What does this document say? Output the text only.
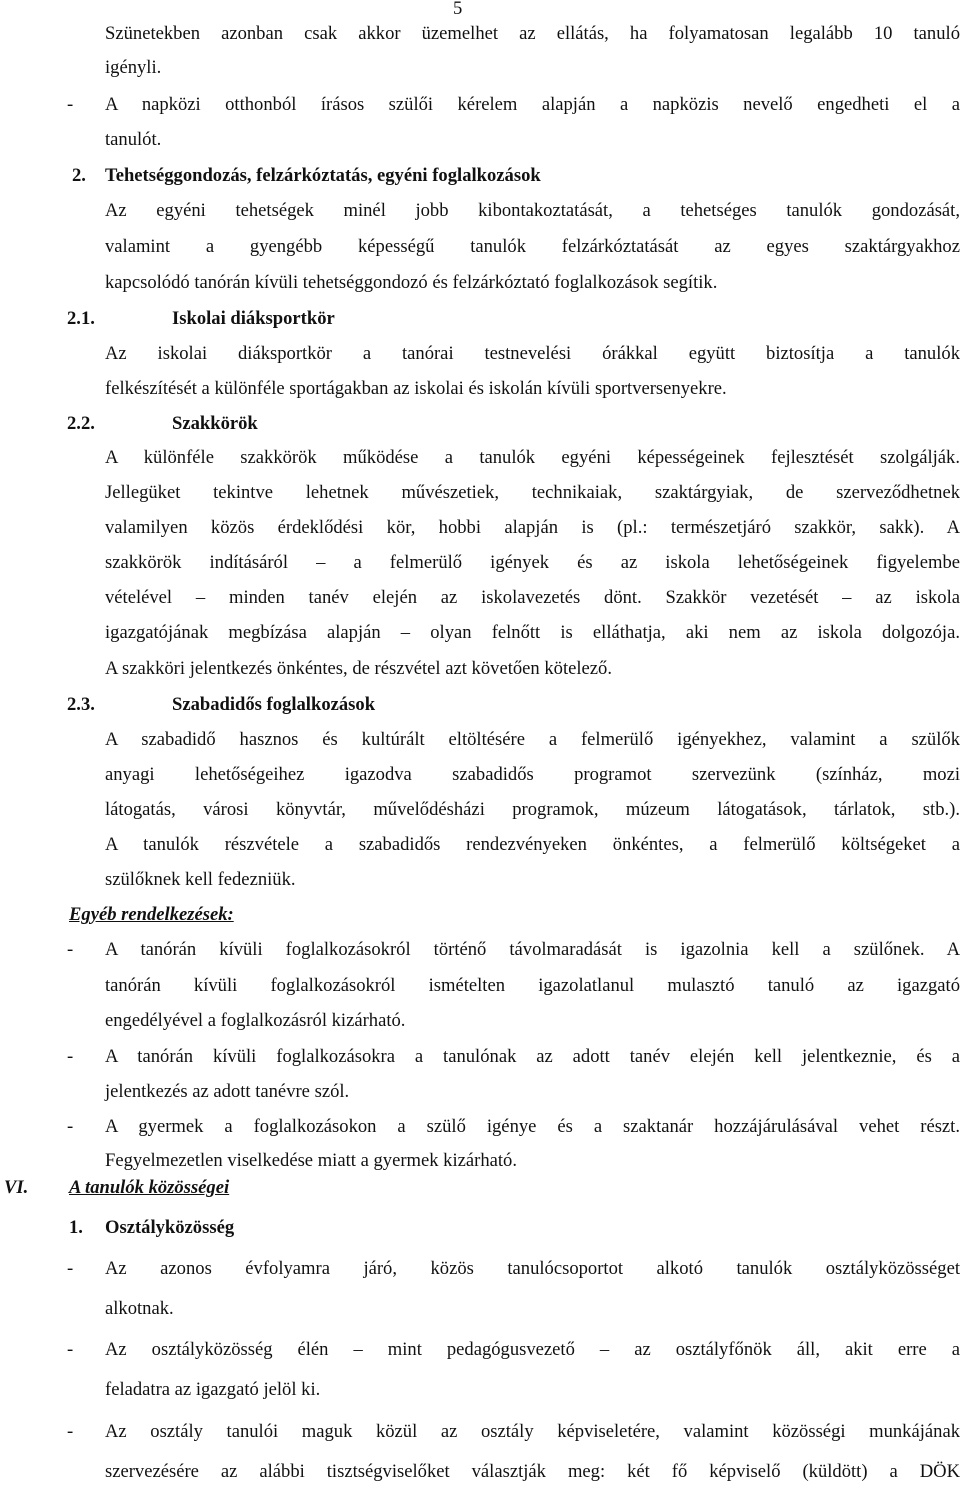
5
Szünetekben azonban csak akkor üzemelhet az ellátás, ha folyamatosan legalább 10 tanuló
igényli.
- A napközi otthonból írásos szülői kérelem alapján a napközis nevelő engedheti el a
tanulót.
2. Tehetséggondozás, felzárkóztatás, egyéni foglalkozások
Az egyéni tehetségek minél jobb kibontakoztatását, a tehetséges tanulók gondozását,
valamint a gyengébb képességű tanulók felzárkóztatását az egyes szaktárgyakhoz
kapcsolódó tanórán kívüli tehetséggondozó és felzárkóztató foglalkozások segítik.
2.1.	Iskolai diáksportkör
Az iskolai diáksportkör a tanórai testnevelési órákkal együtt biztosítja a tanulók
felkészítését a különféle sportágakban az iskolai és iskolán kívüli sportversenyekre.
2.2.	Szakkörök
A különféle szakkörök működése a tanulók egyéni képességeinek fejlesztését szolgálják.
Jellegüket tekintve lehetnek művészetiek, technikaiak, szaktárgyiak, de szerveződhetnek
valamilyen közös érdeklődési kör, hobbi alapján is (pl.: természetjáró szakkör, sakk). A
szakkörök indításáról – a felmerülő igények és az iskola lehetőségeinek figyelembe
vételével – minden tanév elején az iskolavezetés dönt. Szakkör vezetését – az iskola
igazgatójának megbízása alapján – olyan felnőtt is elláthatja, aki nem az iskola dolgozója.
A szakköri jelentkezés önkéntes, de részvétel azt követően kötelező.
2.3.	Szabadidős foglalkozások
A szabadidő hasznos és kultúrált eltöltésére a felmerülő igényekhez, valamint a szülők
anyagi lehetőségeihez igazodva szabadidős programot szervezünk (színház, mozi
látogatás, városi könyvtár, művelődésházi programok, múzeum látogatások, tárlatok, stb.).
A tanulók részvétele a szabadidős rendezvényeken önkéntes, a felmerülő költségeket a
szülőknek kell fedezniük.
Egyéb rendelkezések:
- A tanórán kívüli foglalkozásokról történő távolmaradását is igazolnia kell a szülőnek. A
tanórán kívüli foglalkozásokról ismételten igazolatlanul mulasztó tanuló az igazgató
engedélyével a foglalkozásról kizárható.
- A tanórán kívüli foglalkozásokra a tanulónak az adott tanév elején kell jelentkeznie, és a
jelentkezés az adott tanévre szól.
- A gyermek a foglalkozásokon a szülő igénye és a szaktanár hozzájárulásával vehet részt.
Fegyelmezetlen viselkedése miatt a gyermek kizárható.
VI. A tanulók közösségei
1. Osztályközösség
- Az azonos évfolyamra járó, közös tanulócsoportot alkotó tanulók osztályközösséget
alkotnak.
- Az osztályközösség élén – mint pedagógusvezető – az osztályfőnök áll, akit erre a
feladatra az igazgató jelöl ki.
- Az osztály tanulói maguk közül az osztály képviseletére, valamint közösségi munkájának
szervezésére az alábbi tisztségviselőket választják meg: két fő képviselő (küldött) a DÖK
